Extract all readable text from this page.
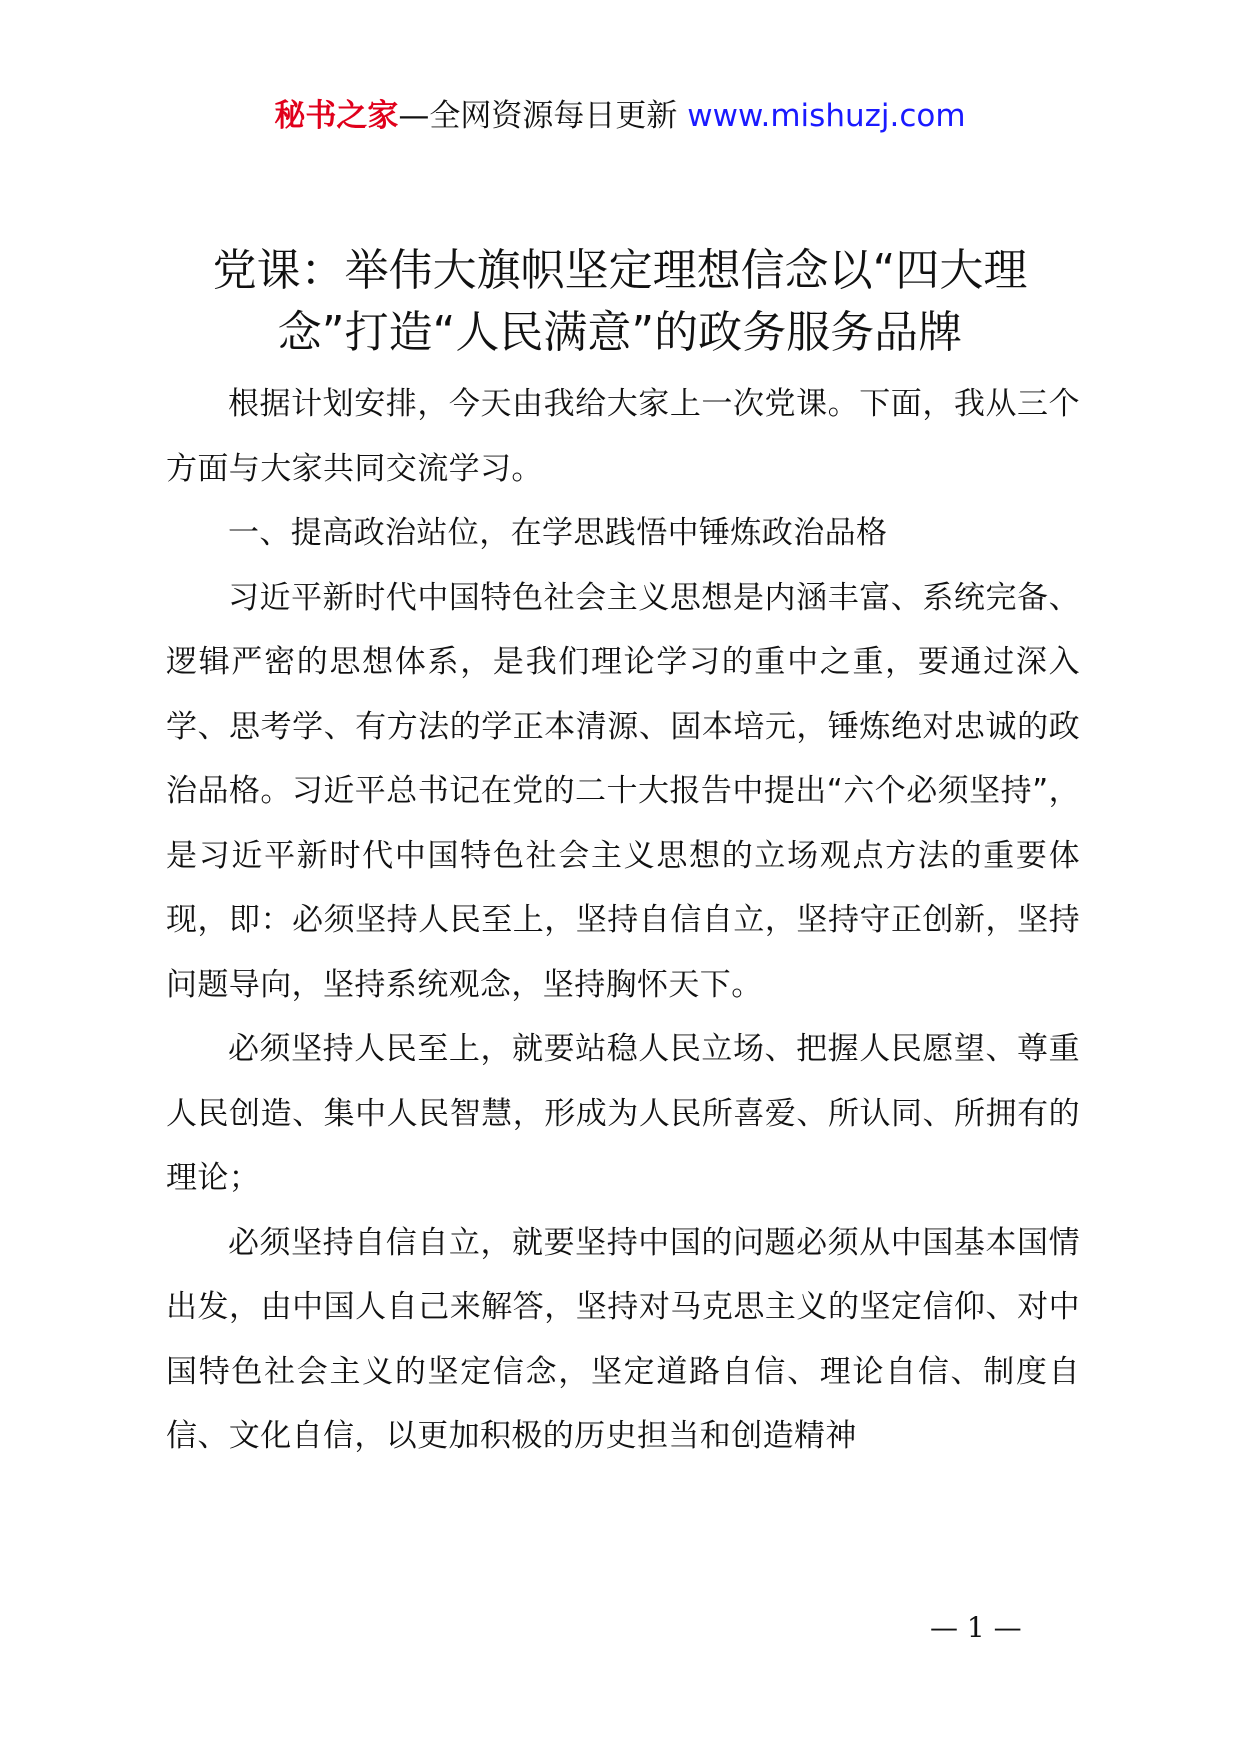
秘书之家—全网资源每日更新 www.mishuzj.com
党课：举伟大旗帜坚定理想信念以“四大理念”打造“人民满意”的政务服务品牌

根据计划安排，今天由我给大家上一次党课。下面，我从三个方面与大家共同交流学习。

一、提高政治站位，在学思践悟中锤炼政治品格

习近平新时代中国特色社会主义思想是内涵丰富、系统完备、逻辑严密的思想体系，是我们理论学习的重中之重，要通过深入学、思考学、有方法的学正本清源、固本培元，锤炼绝对忠诚的政治品格。习近平总书记在党的二十大报告中提出“六个必须坚持”，是习近平新时代中国特色社会主义思想的立场观点方法的重要体现，即：必须坚持人民至上，坚持自信自立，坚持守正创新，坚持问题导向，坚持系统观念，坚持胸怀天下。

必须坚持人民至上，就要站稳人民立场、把握人民愿望、尊重人民创造、集中人民智慧，形成为人民所喜爱、所认同、所拥有的理论；

必须坚持自信自立，就要坚持中国的问题必须从中国基本国情出发，由中国人自己来解答，坚持对马克思主义的坚定信仰、对中国特色社会主义的坚定信念，坚定道路自信、理论自信、制度自信、文化自信，以更加积极的历史担当和创造精神

— 1 —
